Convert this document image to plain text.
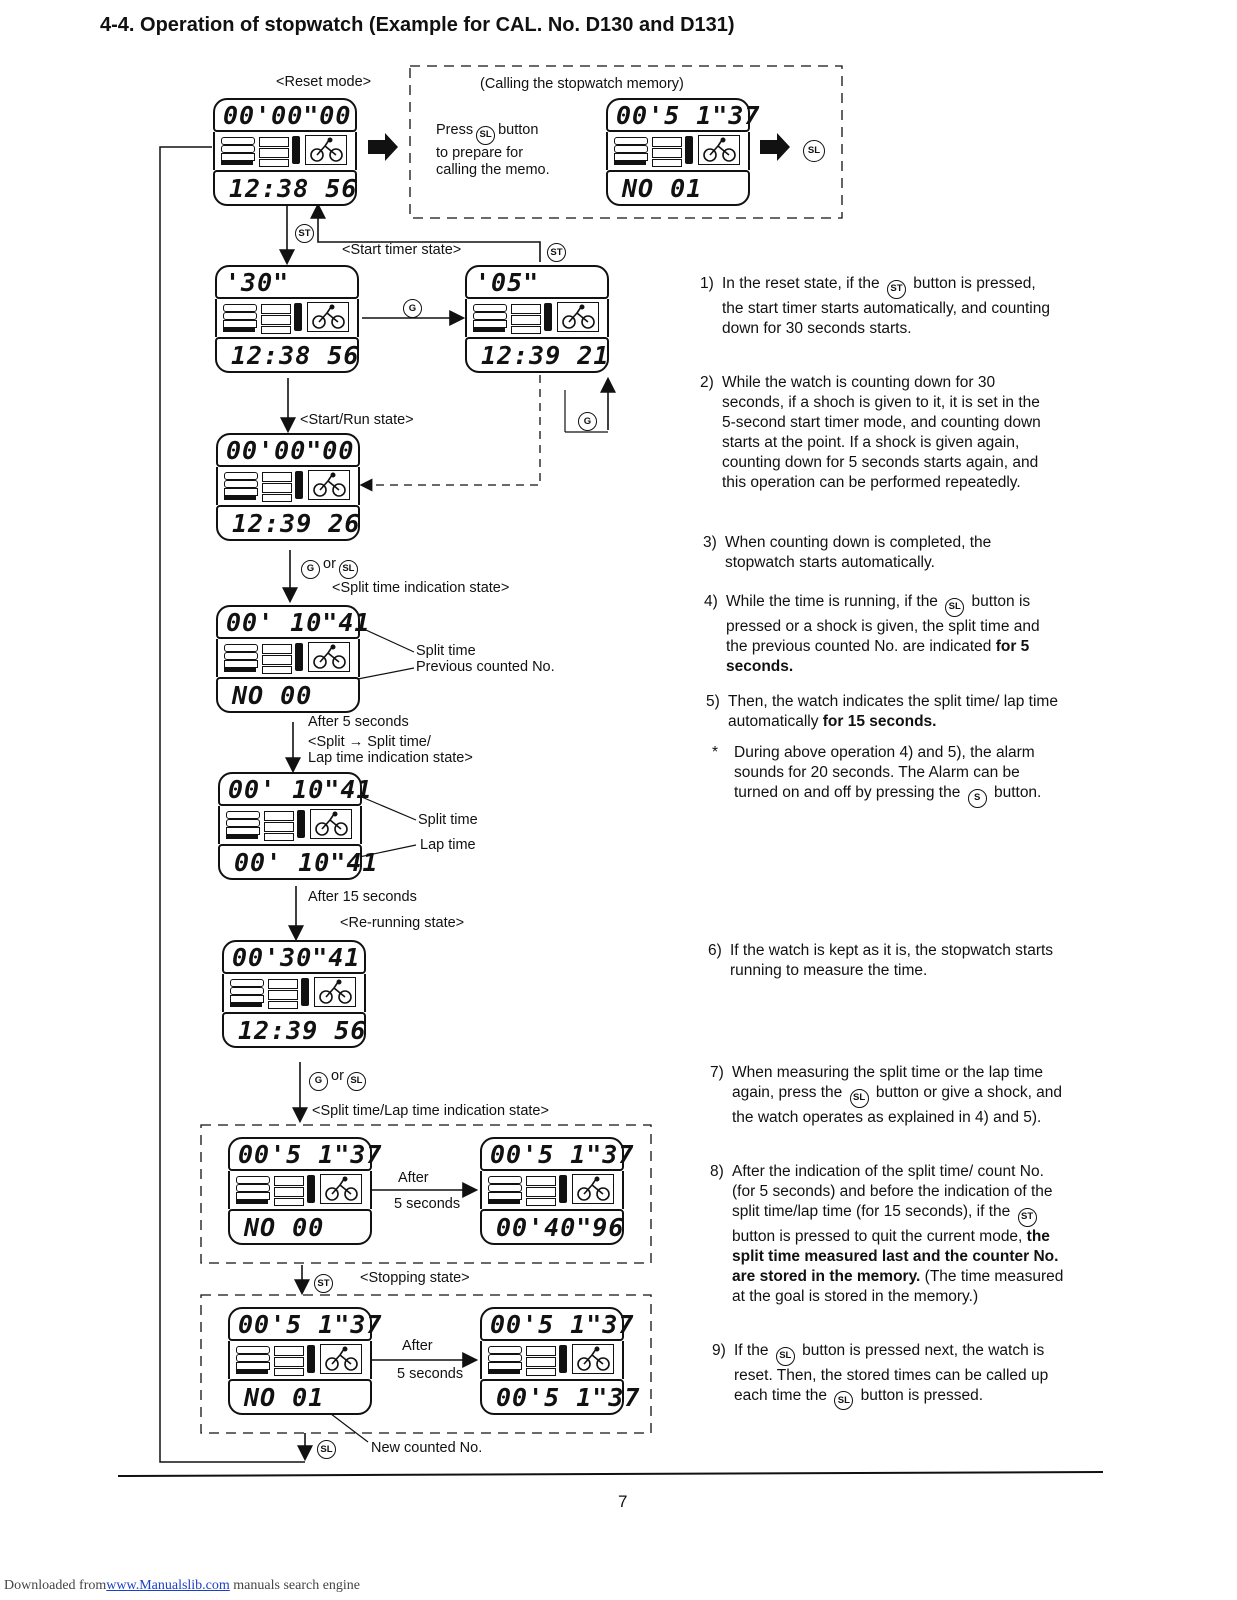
4-4. Operation of stopwatch (Example for CAL. No. D130 and D131)
<Reset mode>	(Calling the stopwatch memory)
Press SL button
to prepare for
calling the memo.
SL
ST
<Start timer state>	ST
G
G
<Start/Run state>
G or SL
<Split time indication state>
Split time
Previous counted No.
After 5 seconds
<Split → Split time/
Lap time indication state>
Split time
Lap time
After 15 seconds
<Re-running state>
G or SL
<Split time/Lap time indication state>
After
5 seconds
ST	<Stopping state>
After
5 seconds
SL	New counted No.
00'00"00
12:38 56
00'5 1"37
NO 01
'30"
12:38 56
'05"
12:39 21
00'00"00
12:39 26
00' 10"41
NO 00
00' 10"41
00' 10"41
00'30"41
12:39 56
00'5 1"37
NO 00
00'5 1"37
00'40"96
00'5 1"37
NO 01
00'5 1"37
00'5 1"37
1) In the reset state, if the ST button is pressed, the start timer starts automatically, and counting down for 30 seconds starts.
2) While the watch is counting down for 30 seconds, if a shoch is given to it, it is set in the 5-second start timer mode, and counting down starts at the point. If a shock is given again, counting down for 5 seconds starts again, and this operation can be performed repeatedly.
3) When counting down is completed, the stopwatch starts automatically.
4) While the time is running, if the SL button is pressed or a shock is given, the split time and the previous counted No. are indicated for 5 seconds.
5) Then, the watch indicates the split time/ lap time automatically for 15 seconds.
* During above operation 4) and 5), the alarm sounds for 20 seconds. The Alarm can be turned on and off by pressing the S button.
6) If the watch is kept as it is, the stopwatch starts running to measure the time.
7) When measuring the split time or the lap time again, press the SL button or give a shock, and the watch operates as explained in 4) and 5).
8) After the indication of the split time/ count No. (for 5 seconds) and before the indication of the split time/lap time (for 15 seconds), if the ST button is pressed to quit the current mode, the split time measured last and the counter No. are stored in the memory. (The time measured at the goal is stored in the memory.)
9) If the SL button is pressed next, the watch is reset. Then, the stored times can be called up each time the SL button is pressed.
7
Downloaded fromwww.Manualslib.com manuals search engine
